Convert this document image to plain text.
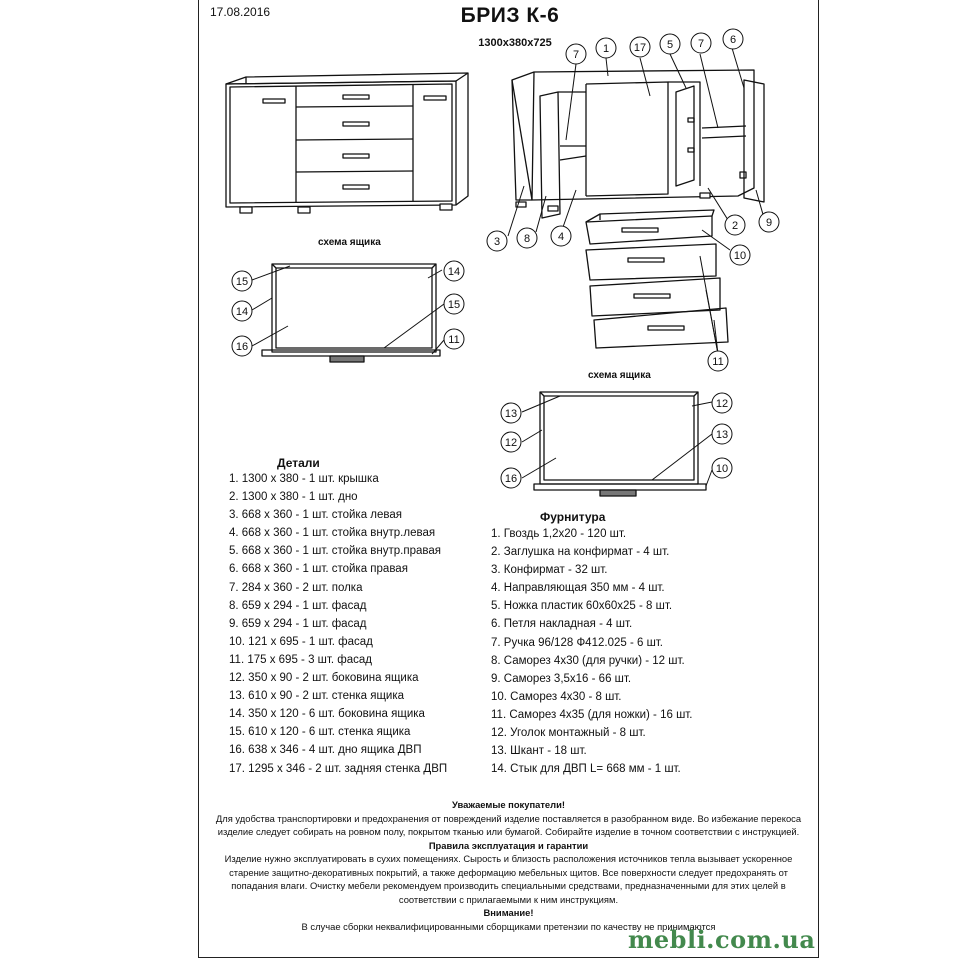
17.08.2016	БРИЗ К-6
1300х380х725
7 1 17 5 7 6
3 8	4
2	9
10
11
15
14
14
15
16
11
13
12
12
13
16
10
схема ящика
схема ящика
Детали
1. 1300 х 380 - 1 шт. крышка
2. 1300 х 380 - 1 шт. дно
3. 668 х 360 - 1 шт. стойка левая
4. 668 х 360 - 1 шт. стойка внутр.левая
5. 668 х 360 - 1 шт. стойка внутр.правая
6. 668 х 360 - 1 шт. стойка правая
7. 284 х 360 - 2 шт. полка
8. 659 х 294 - 1 шт. фасад
9. 659 х 294 - 1 шт. фасад
10. 121 х 695 - 1 шт. фасад
11. 175 х 695 - 3 шт. фасад
12. 350 х 90 - 2 шт. боковина ящика
13. 610 х 90 - 2 шт. стенка ящика
14. 350 х 120 - 6 шт. боковина ящика
15. 610 х 120 - 6 шт. стенка ящика
16. 638 х 346 - 4 шт. дно ящика ДВП
17. 1295 х 346 - 2 шт. задняя стенка ДВП
Фурнитура
1. Гвоздь 1,2х20 - 120 шт.
2. Заглушка на конфирмат - 4 шт.
3. Конфирмат - 32 шт.
4. Направляющая 350 мм - 4 шт.
5. Ножка пластик 60х60х25 - 8 шт.
6. Петля накладная - 4 шт.
7. Ручка 96/128 Ф412.025 - 6 шт.
8. Саморез 4х30 (для ручки) - 12 шт.
9. Саморез 3,5х16 - 66 шт.
10. Саморез 4х30 - 8 шт.
11. Саморез 4х35 (для ножки) - 16 шт.
12. Уголок монтажный - 8 шт.
13. Шкант - 18 шт.
14. Стык для ДВП L= 668 мм - 1 шт.
Уважаемые покупатели!
Для удобства транспортировки и предохранения от повреждений изделие поставляется в разобранном виде. Во избежание перекоса изделие следует собирать на ровном полу, покрытом тканью или бумагой. Собирайте изделие в точном соответствии с инструкцией.
Правила эксплуатация и гарантии
Изделие нужно эксплуатировать в сухих помещениях. Сырость и близость расположения источников тепла вызывает ускоренное старение защитно-декоративных покрытий, а также деформацию мебельных щитов. Все поверхности следует предохранять от попадания влаги. Очистку мебели рекомендуем производить специальными средствами, предназначенными для этих целей в соответствии с прилагаемыми к ним инструкциям.
Внимание!
В случае сборки неквалифицированными сборщиками претензии по качеству не принимаются
mebli.com.ua
